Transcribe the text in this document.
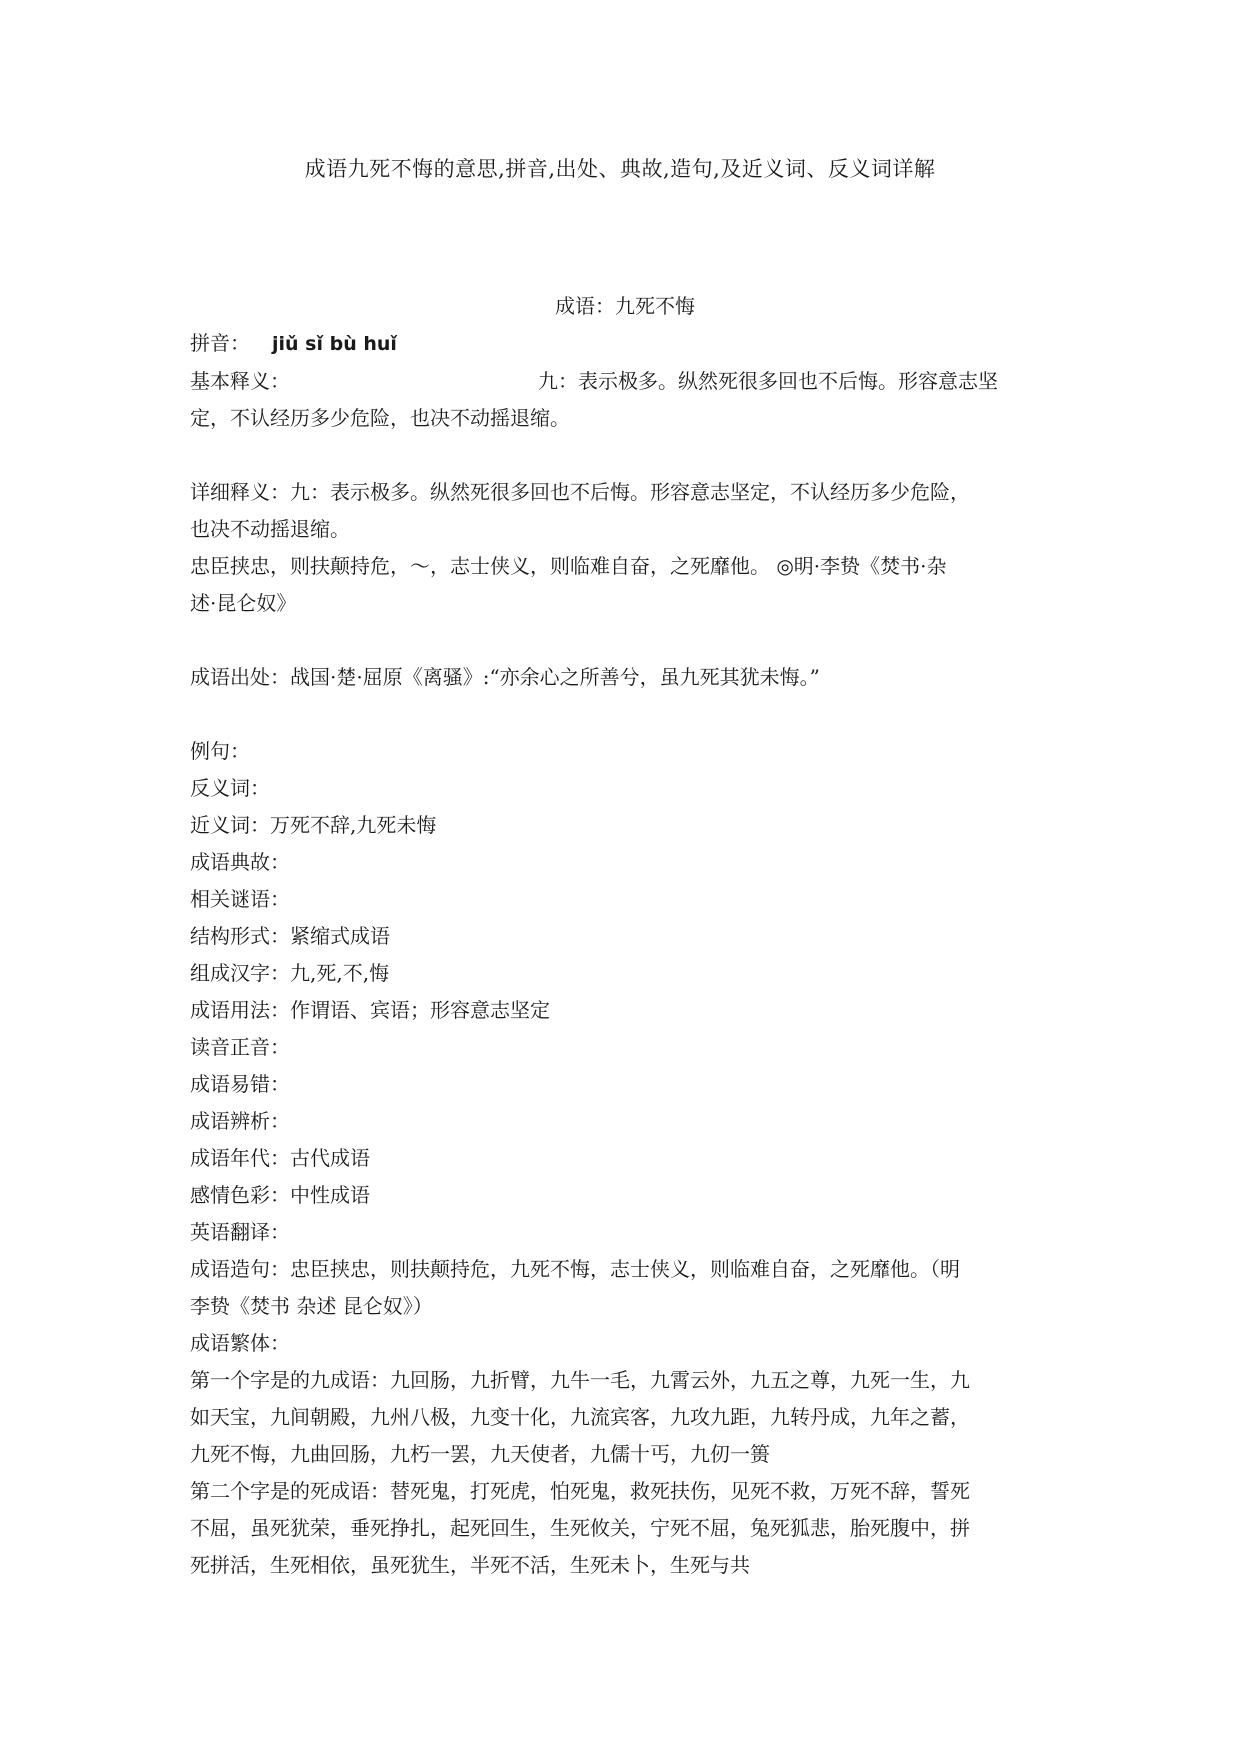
成语九死不悔的意思,拼音,出处、典故,造句,及近义词、反义词详解

成语：九死不悔

拼音： jiǔ sǐ bù huǐ

基本释义：	九：表示极多。纵然死很多回也不后悔。形容意志坚

定，不认经历多少危险，也决不动摇退缩。

详细释义：九：表示极多。纵然死很多回也不后悔。形容意志坚定，不认经历多少危险，

也决不动摇退缩。

忠臣挟忠，则扶颠持危，～，志士侠义，则临难自奋，之死靡他。 ◎明·李贽《焚书·杂

述·昆仑奴》

成语出处：战国·楚·屈原《离骚》:“亦余心之所善兮，虽九死其犹未悔。”

例句：

反义词：

近义词：万死不辞,九死未悔

成语典故：

相关谜语：

结构形式：紧缩式成语

组成汉字：九,死,不,悔

成语用法：作谓语、宾语；形容意志坚定

读音正音：

成语易错：

成语辨析：

成语年代：古代成语

感情色彩：中性成语

英语翻译：

成语造句：忠臣挟忠，则扶颠持危，九死不悔，志士侠义，则临难自奋，之死靡他。（明

李贽《焚书 杂述 昆仑奴》）

成语繁体：

第一个字是的九成语：九回肠，九折臂，九牛一毛，九霄云外，九五之尊，九死一生，九

如天宝，九间朝殿，九州八极，九变十化，九流宾客，九攻九距，九转丹成，九年之蓄，

九死不悔，九曲回肠，九朽一罢，九天使者，九儒十丐，九仞一篑

第二个字是的死成语：替死鬼，打死虎，怕死鬼，救死扶伤，见死不救，万死不辞，誓死

不屈，虽死犹荣，垂死挣扎，起死回生，生死攸关，宁死不屈，兔死狐悲，胎死腹中，拼

死拼活，生死相依，虽死犹生，半死不活，生死未卜，生死与共
